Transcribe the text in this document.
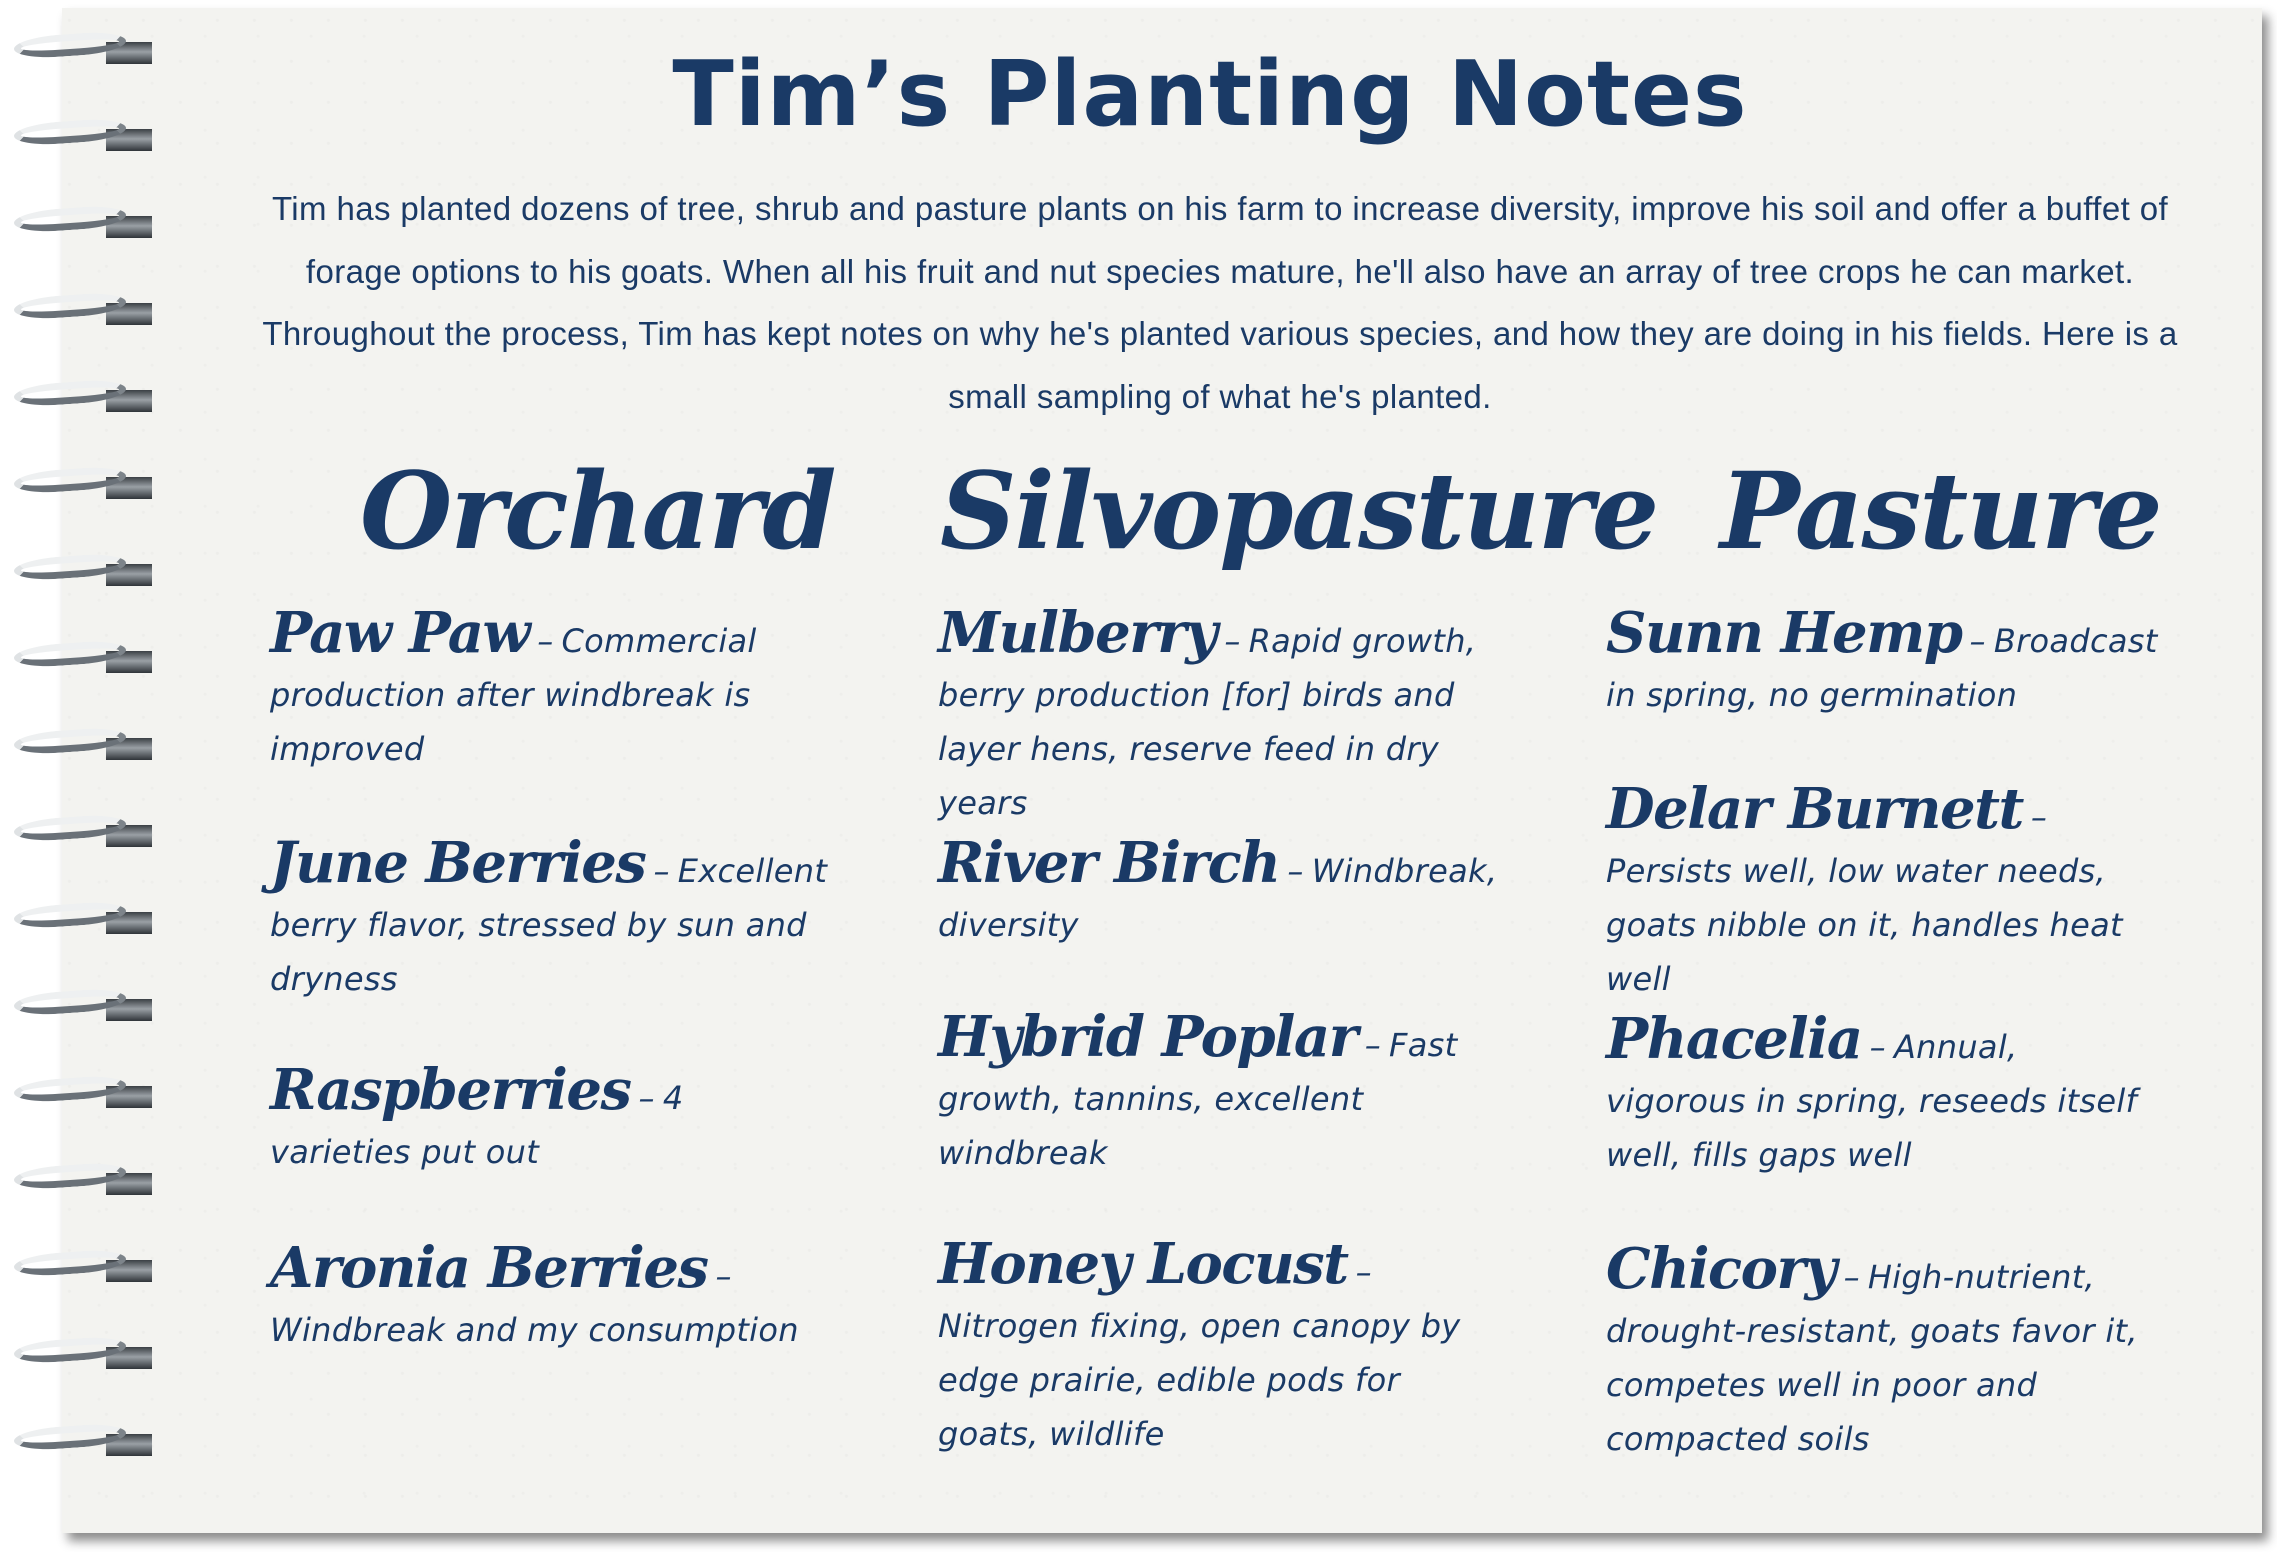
Tim’s Planting Notes

Tim has planted dozens of tree, shrub and pasture plants on his farm to increase diversity, improve his soil and offer a buffet of forage options to his goats. When all his fruit and nut species mature, he'll also have an array of tree crops he can market. Throughout the process, Tim has kept notes on why he's planted various species, and how they are doing in his fields. Here is a small sampling of what he's planted.

Orchard

Paw Paw – Commercial production after windbreak is improved

June Berries – Excellent berry flavor, stressed by sun and dryness

Raspberries – 4 varieties put out

Aronia Berries –Windbreak and my consumption

Silvopasture

Mulberry – Rapid growth, berry production [for] birds and layer hens, reserve feed in dry years

River Birch – Windbreak, diversity

Hybrid Poplar – Fast growth, tannins, excellent windbreak

Honey Locust –Nitrogen fixing, open canopy by edge prairie, edible pods for goats, wildlife

Pasture

Sunn Hemp – Broadcast in spring, no germination

Delar Burnett –Persists well, low water needs, goats nibble on it, handles heat well

Phacelia – Annual, vigorous in spring, reseeds itself well, fills gaps well

Chicory – High-nutrient, drought-resistant, goats favor it, competes well in poor and compacted soils
